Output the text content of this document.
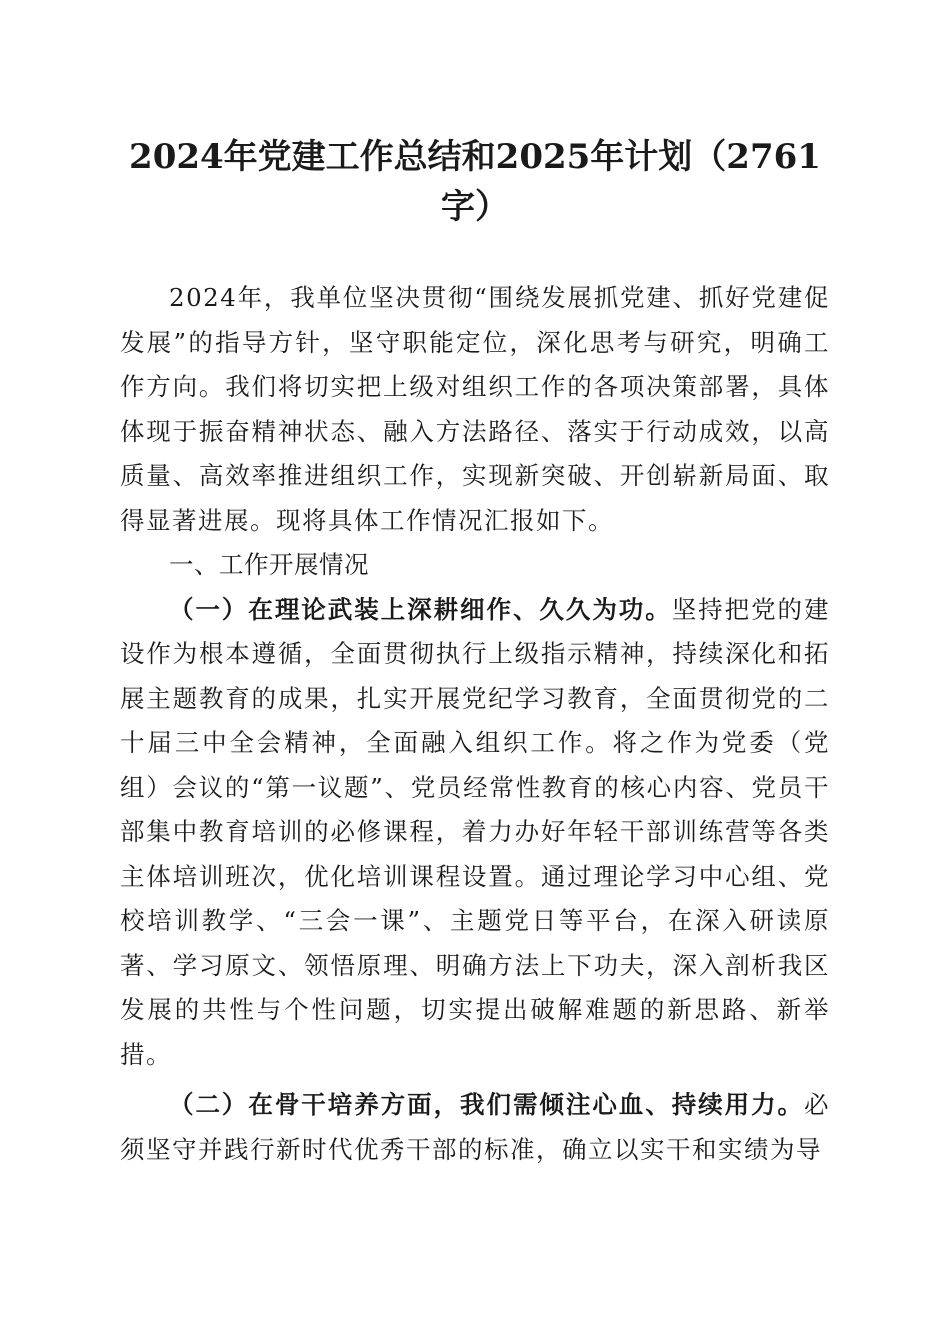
2024年党建工作总结和2025年计划（2761字）

2024年，我单位坚决贯彻“围绕发展抓党建、抓好党建促发展”的指导方针，坚守职能定位，深化思考与研究，明确工作方向。我们将切实把上级对组织工作的各项决策部署，具体体现于振奋精神状态、融入方法路径、落实于行动成效，以高质量、高效率推进组织工作，实现新突破、开创崭新局面、取得显著进展。现将具体工作情况汇报如下。

一、工作开展情况

（一）在理论武装上深耕细作、久久为功。坚持把党的建设作为根本遵循，全面贯彻执行上级指示精神，持续深化和拓展主题教育的成果，扎实开展党纪学习教育，全面贯彻党的二十届三中全会精神，全面融入组织工作。将之作为党委（党组）会议的“第一议题”、党员经常性教育的核心内容、党员干部集中教育培训的必修课程，着力办好年轻干部训练营等各类主体培训班次，优化培训课程设置。通过理论学习中心组、党校培训教学、“三会一课”、主题党日等平台，在深入研读原著、学习原文、领悟原理、明确方法上下功夫，深入剖析我区发展的共性与个性问题，切实提出破解难题的新思路、新举措。

（二）在骨干培养方面，我们需倾注心血、持续用力。必须坚守并践行新时代优秀干部的标准，确立以实干和实绩为导
